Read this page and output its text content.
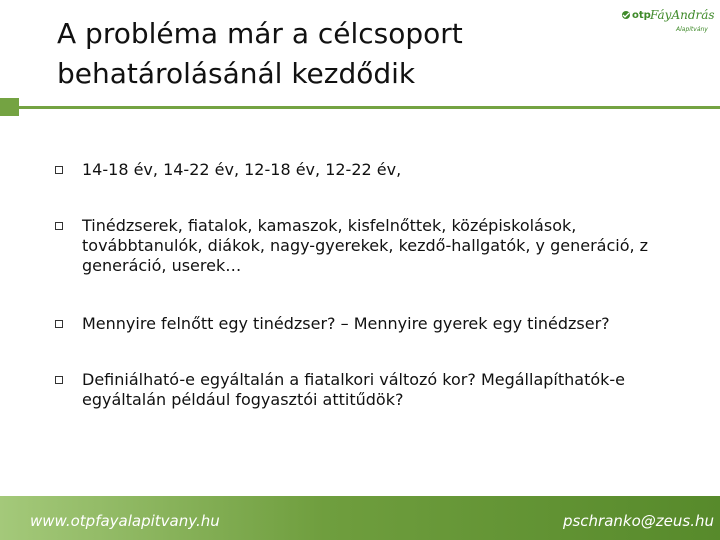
A probléma már a célcsoport
behatárolásánál kezdődik
otp FáyAndrás
Alapítvány
14-18 év, 14-22 év, 12-18 év, 12-22 év,
Tinédzserek, fiatalok, kamaszok, kisfelnőttek, középiskolások, továbbtanulók, diákok, nagy-gyerekek, kezdő-hallgatók, y generáció, z generáció, userek…
Mennyire felnőtt egy tinédzser? – Mennyire gyerek egy tinédzser?
Definiálható-e egyáltalán a fiatalkori változó kor? Megállapíthatók-e egyáltalán például fogyasztói attitűdök?
www.otpfayalapitvany.hu	pschranko@zeus.hu
